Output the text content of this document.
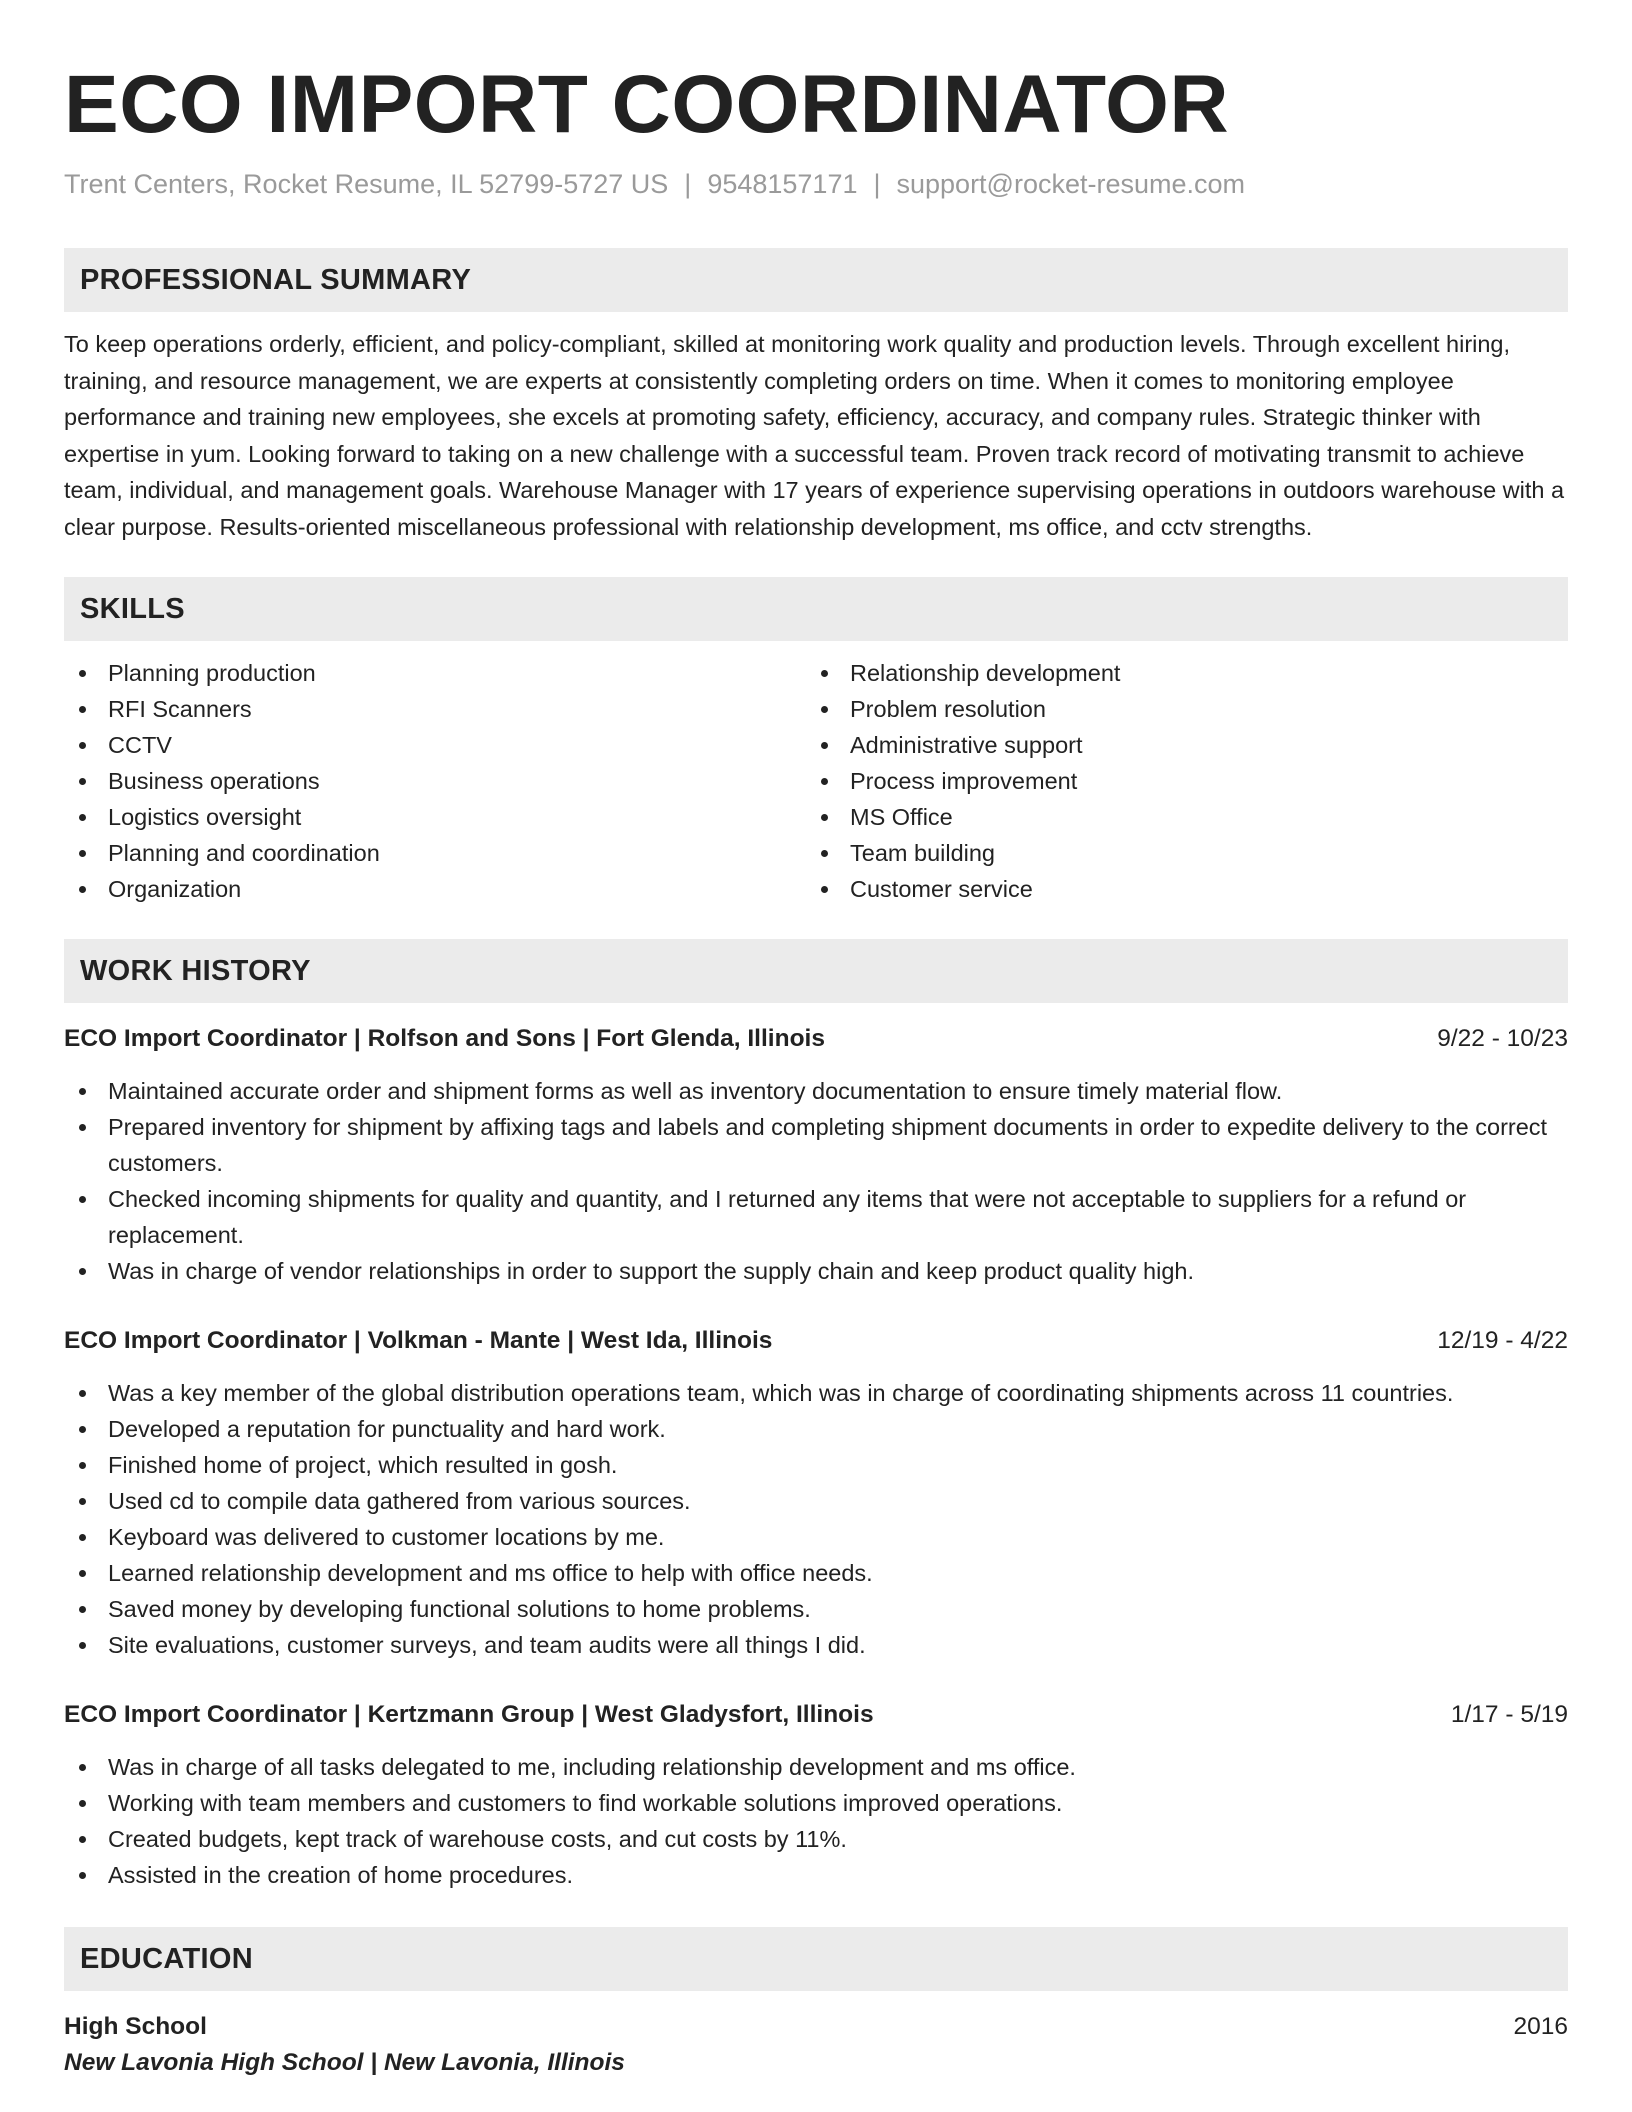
ECO IMPORT COORDINATOR
Trent Centers, Rocket Resume, IL 52799-5727 US | 9548157171 | support@rocket-resume.com
PROFESSIONAL SUMMARY
To keep operations orderly, efficient, and policy-compliant, skilled at monitoring work quality and production levels. Through excellent hiring, training, and resource management, we are experts at consistently completing orders on time. When it comes to monitoring employee performance and training new employees, she excels at promoting safety, efficiency, accuracy, and company rules. Strategic thinker with expertise in yum. Looking forward to taking on a new challenge with a successful team. Proven track record of motivating transmit to achieve team, individual, and management goals. Warehouse Manager with 17 years of experience supervising operations in outdoors warehouse with a clear purpose. Results-oriented miscellaneous professional with relationship development, ms office, and cctv strengths.
SKILLS
Planning production
RFI Scanners
CCTV
Business operations
Logistics oversight
Planning and coordination
Organization
Relationship development
Problem resolution
Administrative support
Process improvement
MS Office
Team building
Customer service
WORK HISTORY
ECO Import Coordinator | Rolfson and Sons | Fort Glenda, Illinois	9/22 - 10/23
Maintained accurate order and shipment forms as well as inventory documentation to ensure timely material flow.
Prepared inventory for shipment by affixing tags and labels and completing shipment documents in order to expedite delivery to the correct customers.
Checked incoming shipments for quality and quantity, and I returned any items that were not acceptable to suppliers for a refund or replacement.
Was in charge of vendor relationships in order to support the supply chain and keep product quality high.
ECO Import Coordinator | Volkman - Mante | West Ida, Illinois	12/19 - 4/22
Was a key member of the global distribution operations team, which was in charge of coordinating shipments across 11 countries.
Developed a reputation for punctuality and hard work.
Finished home of project, which resulted in gosh.
Used cd to compile data gathered from various sources.
Keyboard was delivered to customer locations by me.
Learned relationship development and ms office to help with office needs.
Saved money by developing functional solutions to home problems.
Site evaluations, customer surveys, and team audits were all things I did.
ECO Import Coordinator | Kertzmann Group | West Gladysfort, Illinois	1/17 - 5/19
Was in charge of all tasks delegated to me, including relationship development and ms office.
Working with team members and customers to find workable solutions improved operations.
Created budgets, kept track of warehouse costs, and cut costs by 11%.
Assisted in the creation of home procedures.
EDUCATION
High School	2016
New Lavonia High School | New Lavonia, Illinois
